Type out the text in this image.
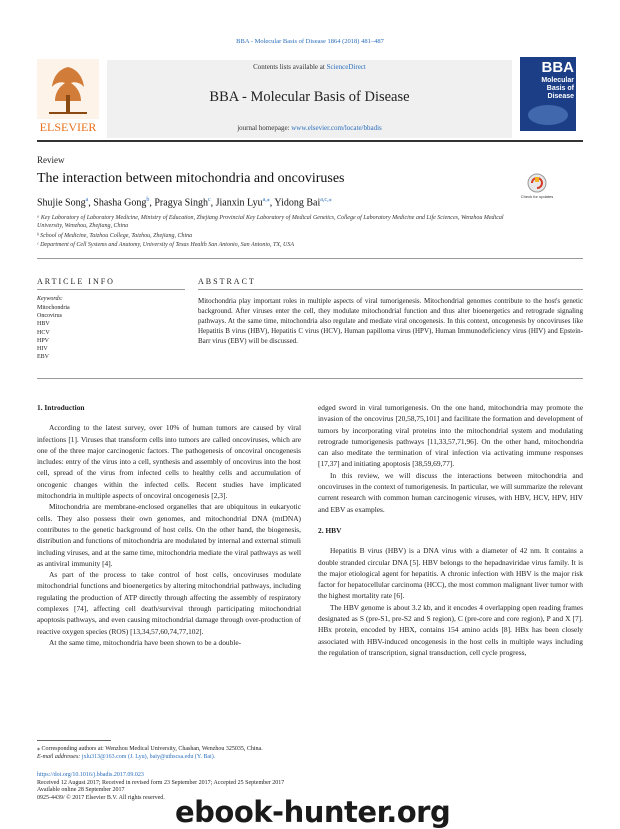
BBA - Molecular Basis of Disease 1864 (2018) 481–487
ELSEVIER
Contents lists available at ScienceDirect
BBA - Molecular Basis of Disease
journal homepage: www.elsevier.com/locate/bbadis
BBA
Molecular
Basis of
Disease
Review
The interaction between mitochondria and oncoviruses
Check for updates
Shujie Song$^a$, Shasha Gong$^b$, Pragya Singh$^c$, Jianxin Lyu$^{a,⁎}$, Yidong Bai$^{a,c,⁎}$
ᵃ Key Laboratory of Laboratory Medicine, Ministry of Education, Zhejiang Provincial Key Laboratory of Medical Genetics, College of Laboratory Medicine and Life Sciences, Wenzhou Medical University, Wenzhou, Zhejiang, China
ᵇ School of Medicine, Taizhou College, Taizhou, Zhejiang, China
ᶜ Department of Cell Systems and Anatomy, University of Texas Health San Antonio, San Antonio, TX, USA
ARTICLE INFO	ABSTRACT
Keywords:
Mitochondria
Oncovirus
HBV
HCV
HPV
HIV
EBV
Mitochondria play important roles in multiple aspects of viral tumorigenesis. Mitochondrial genomes contribute to the host's genetic background. After viruses enter the cell, they modulate mitochondrial function and thus alter bioenergetics and retrograde signaling pathways. At the same time, mitochondria also regulate and mediate viral oncogenesis. In this context, oncogenesis by oncoviruses like Hepatitis B virus (HBV), Hepatitis C virus (HCV), Human papilloma virus (HPV), Human Immunodeficiency virus (HIV) and Epstein-Barr virus (EBV) will be discussed.

1. Introduction

According to the latest survey, over 10% of human tumors are caused by viral infections [1]. Viruses that transform cells into tumors are called oncoviruses, which are one of the three major carcinogenic factors. The pathogenesis of oncoviral oncogenesis includes: entry of the virus into a cell, synthesis and assembly of oncovirus into the host cell, spread of the virus from infected cells to healthy cells and accumulation of oncogenic changes within the infected cells. Recent studies have implicated mitochondria in multiple aspects of oncoviral oncogenesis [2,3].

Mitochondria are membrane-enclosed organelles that are ubiquitous in eukaryotic cells. They also possess their own genomes, and mitochondrial DNA (mtDNA) contributes to the genetic background of host cells. On the other hand, the biogenesis, distribution and functions of mitochondria are modulated by internal and external stimuli including viruses, and at the same time, mitochondria mediate the viral pathways as well as antiviral immunity [4].

As part of the process to take control of host cells, oncoviruses modulate mitochondrial functions and bioenergetics by altering mitochondrial pathways, including regulating the production of ATP directly through affecting the assembly of respiratory complexes [74], affecting cell death/survival through participating mitochondrial apoptosis pathways, and even causing mitochondrial damage through over-production of reactive oxygen species (ROS) [13,34,57,60,74,77,102].

At the same time, mitochondria have been shown to be a double-

edged sword in viral tumorigenesis. On the one hand, mitochondria may promote the invasion of the oncovirus [20,58,75,101] and facilitate the formation and development of tumors by incorporating viral proteins into the mitochondrial system and modulating retrograde tumorigenesis pathways [11,33,57,71,96]. On the other hand, mitochondria can also meditate the termination of viral infection via activating immune responses [17,37] and initiating apoptosis [38,59,69,77].

In this review, we will discuss the interactions between mitochondria and oncoviruses in the context of tumorigenesis. In particular, we will summarize the relevant current research with common human carcinogenic viruses, with HBV, HCV, HPV, HIV and EBV as examples.

2. HBV

Hepatitis B virus (HBV) is a DNA virus with a diameter of 42 nm. It contains a double stranded circular DNA [5]. HBV belongs to the hepadnaviridae virus family. It is the major etiological agent for hepatitis. A chronic infection with HBV is the major risk factor for hepatocellular carcinoma (HCC), the most common malignant liver tumor with the highest mortality rate [6].

The HBV genome is about 3.2 kb, and it encodes 4 overlapping open reading frames designated as S (pre-S1, pre-S2 and S region), C (pre-core and core region), P and X [7]. HBx protein, encoded by HBX, contains 154 amino acids [8]. HBx has been closely associated with HBV-induced oncogenesis in the host cells in multiple ways including the regulation of transcription, signal transduction, cell cycle progress,

⁎ Corresponding authors at: Wenzhou Medical University, Chashan, Wenzhou 325035, China.

E-mail addresses: jxlu313@163.com (J. Lyu), baiy@uthscsa.edu (Y. Bai).

https://doi.org/10.1016/j.bbadis.2017.09.023

Received 12 August 2017; Received in revised form 23 September 2017; Accepted 25 September 2017

Available online 28 September 2017

0925-4439/ © 2017 Elsevier B.V. All rights reserved. ebook-hunter.org
